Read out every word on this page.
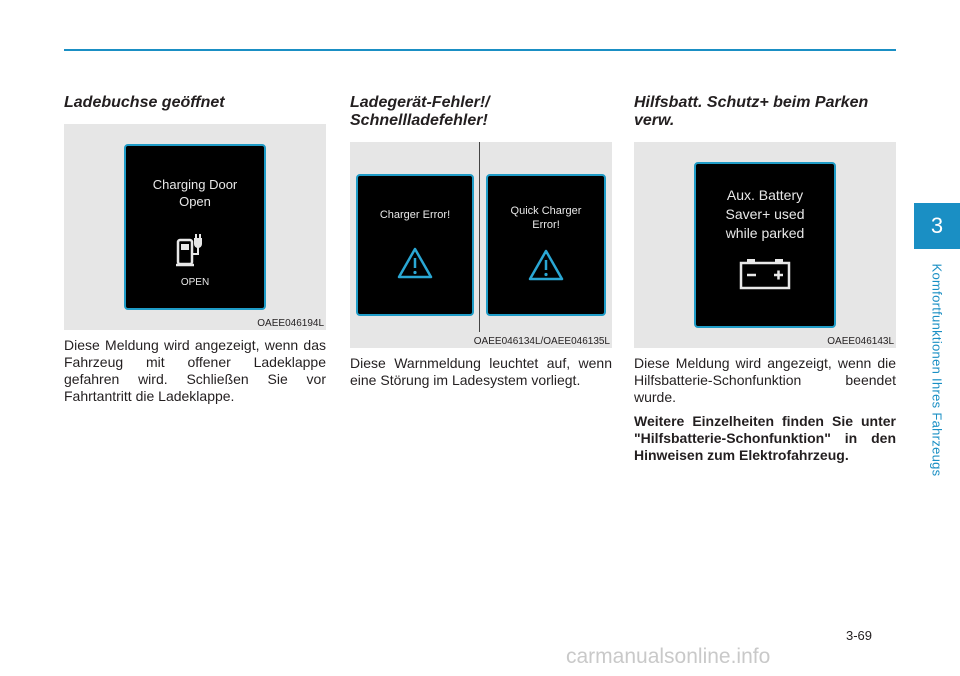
Ladebuchse geöffnet
Charging Door
Open
OPEN
OAEE046194L

Diese Meldung wird angezeigt, wenn das Fahrzeug mit offener Ladeklappe gefahren wird. Schließen Sie vor Fahrtantritt die Ladeklappe.

Ladegerät-Fehler!/ Schnellladefehler!
Charger Error!	Quick Charger
Error!
OAEE046134L/OAEE046135L

Diese Warnmeldung leuchtet auf, wenn eine Störung im Ladesystem vorliegt.

Hilfsbatt. Schutz+ beim Parken verw.
Aux. Battery
Saver+ used
while parked
OAEE046143L

Diese Meldung wird angezeigt, wenn die Hilfsbatterie-Schonfunktion beendet wurde.

Weitere Einzelheiten finden Sie unter "Hilfsbatterie-Schonfunktion" in den Hinweisen zum Elektrofahrzeug.

3
Komfortfunktionen Ihres Fahrzeugs
3-69
carmanualsonline.info
